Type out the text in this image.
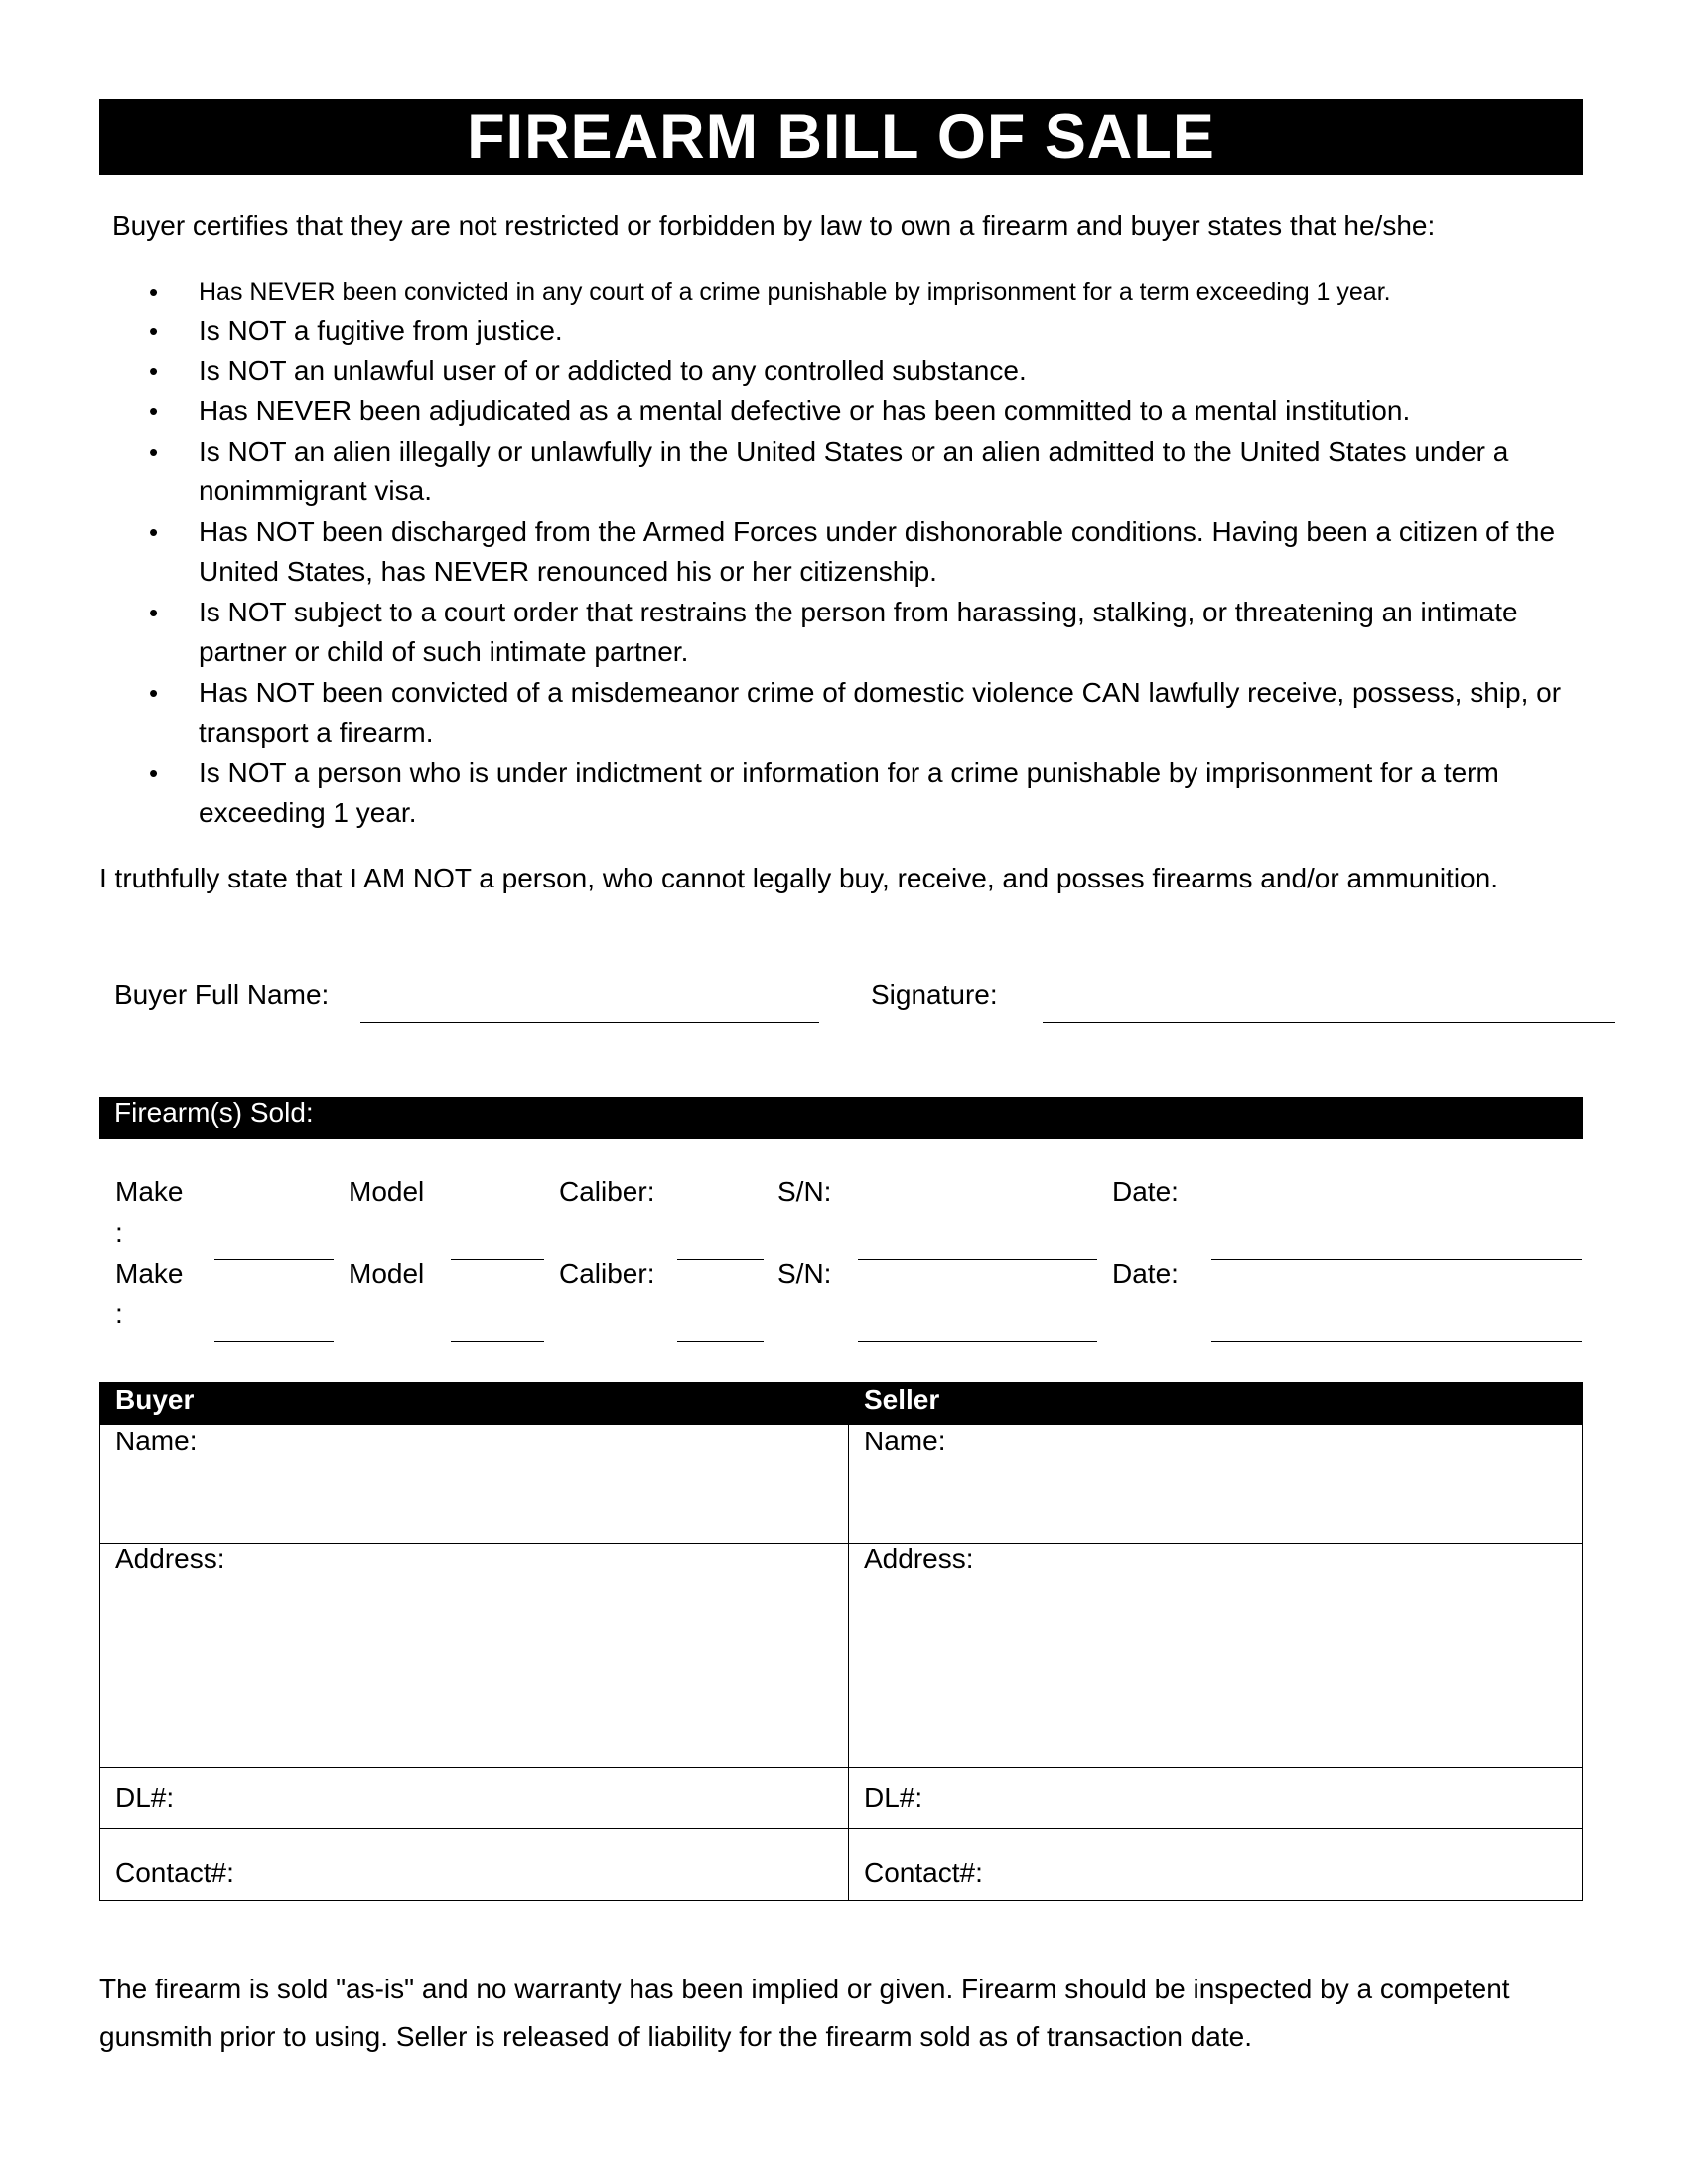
FIREARM BILL OF SALE
Buyer certifies that they are not restricted or forbidden by law to own a firearm and buyer states that he/she:
• Has NEVER been convicted in any court of a crime punishable by imprisonment for a term exceeding 1 year.
• Is NOT a fugitive from justice.
• Is NOT an unlawful user of or addicted to any controlled substance.
• Has NEVER been adjudicated as a mental defective or has been committed to a mental institution.
• Is NOT an alien illegally or unlawfully in the United States or an alien admitted to the United States under a nonimmigrant visa.
• Has NOT been discharged from the Armed Forces under dishonorable conditions. Having been a citizen of the United States, has NEVER renounced his or her citizenship.
• Is NOT subject to a court order that restrains the person from harassing, stalking, or threatening an intimate partner or child of such intimate partner.
• Has NOT been convicted of a misdemeanor crime of domestic violence CAN lawfully receive, possess, ship, or transport a firearm.
• Is NOT a person who is under indictment or information for a crime punishable by imprisonment for a term exceeding 1 year.
I truthfully state that I AM NOT a person, who cannot legally buy, receive, and posses firearms and/or ammunition.
Buyer Full Name:	Signature:
Firearm(s) Sold:
Make
:
Model	Caliber:	S/N:	Date:
Make
:
Model	Caliber:	S/N:	Date:
Buyer	Seller
Name:	Name:
Address:	Address:
DL#:	DL#:
Contact#:	Contact#:
The firearm is sold "as-is" and no warranty has been implied or given. Firearm should be inspected by a competent gunsmith prior to using. Seller is released of liability for the firearm sold as of transaction date.
